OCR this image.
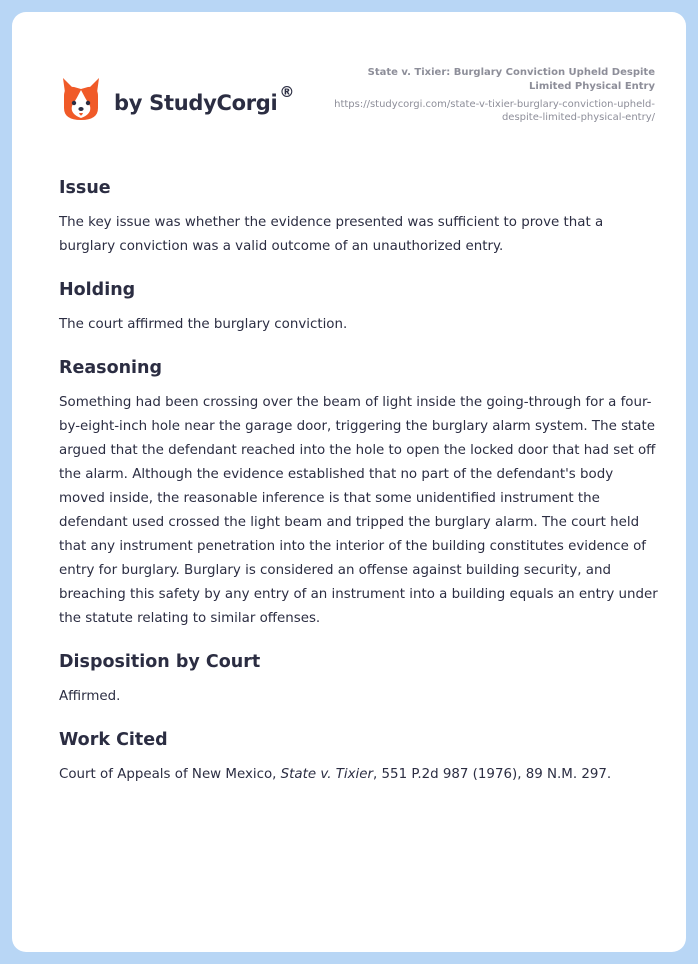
by StudyCorgi ®
State v. Tixier: Burglary Conviction Upheld Despite Limited Physical Entry
https://studycorgi.com/state-v-tixier-burglary-conviction-upheld-despite-limited-physical-entry/
Issue

The key issue was whether the evidence presented was sufficient to prove that a burglary conviction was a valid outcome of an unauthorized entry.

Holding

The court affirmed the burglary conviction.

Reasoning

Something had been crossing over the beam of light inside the going-through for a four-by-eight-inch hole near the garage door, triggering the burglary alarm system. The state argued that the defendant reached into the hole to open the locked door that had set off the alarm. Although the evidence established that no part of the defendant's body moved inside, the reasonable inference is that some unidentified instrument the defendant used crossed the light beam and tripped the burglary alarm. The court held that any instrument penetration into the interior of the building constitutes evidence of entry for burglary. Burglary is considered an offense against building security, and breaching this safety by any entry of an instrument into a building equals an entry under the statute relating to similar offenses.

Disposition by Court

Affirmed.

Work Cited

Court of Appeals of New Mexico, State v. Tixier, 551 P.2d 987 (1976), 89 N.M. 297.
